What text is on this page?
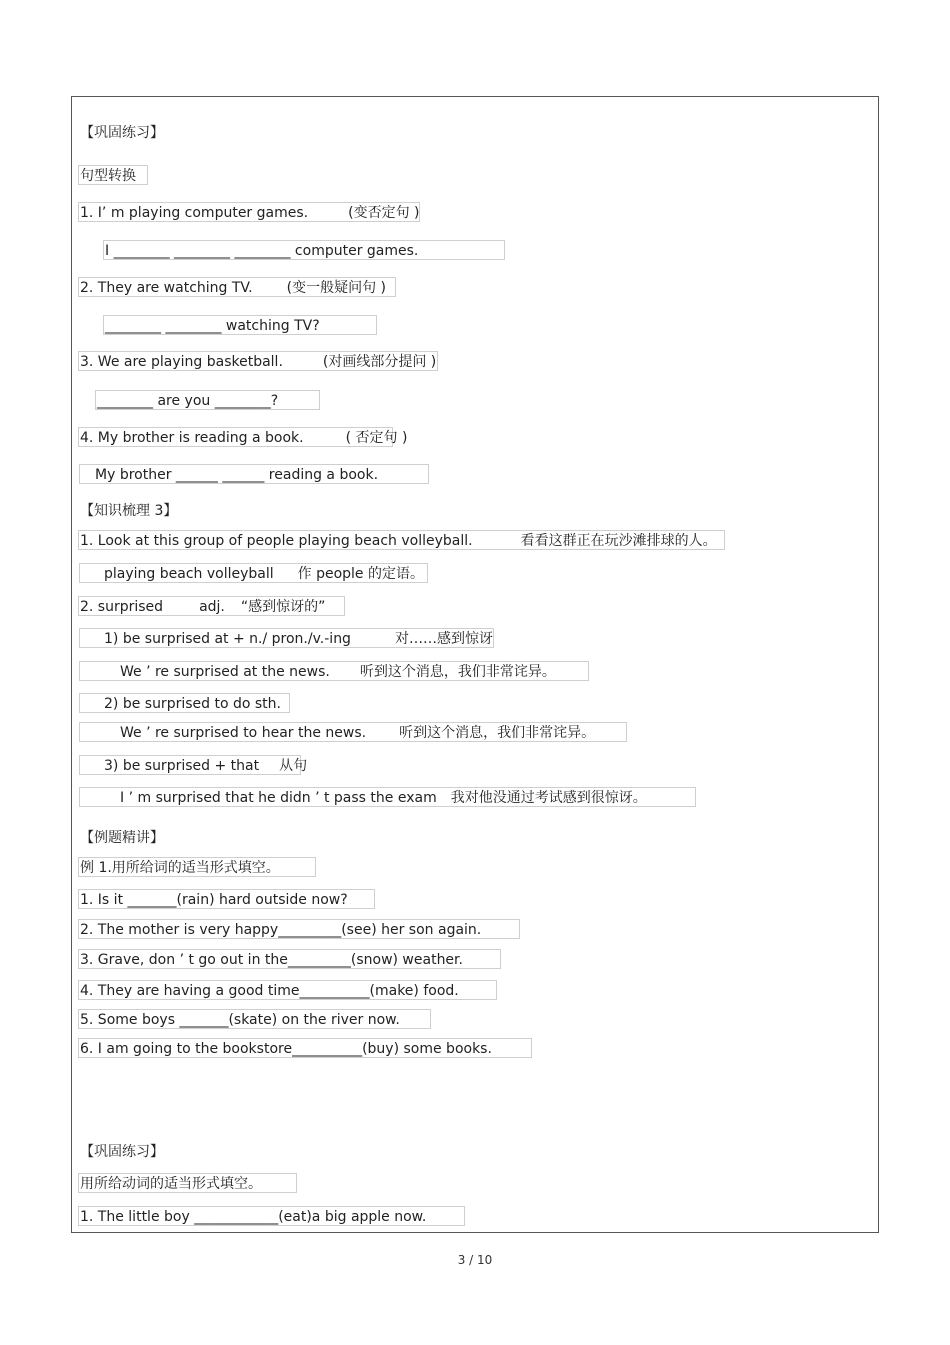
【巩固练习】
句型转换
1. I’ m playing computer games.	(变否定句 )
I ________ ________ ________ computer games.
2. They are watching TV. (变一般疑问句 )
________ ________ watching TV?
3. We are playing basketball.	(对画线部分提问 )
________ are you ________?
4. My brother is reading a book.	( 否定句 )
My brother ______ ______ reading a book.
【知识梳理 3】
1. Look at this group of people playing beach volleyball.	看看这群正在玩沙滩排球的人。
playing beach volleyball 作 people 的定语。
2. surprised	adj. “感到惊讶的”
1) be surprised at + n./ pron./v.-ing	对……感到惊讶
We ’ re surprised at the news. 听到这个消息，我们非常诧异。
2) be surprised to do sth.
We ’ re surprised to hear the news. 听到这个消息，我们非常诧异。
3) be surprised + that 从句
I ’ m surprised that he didn ’ t pass the exam 我对他没通过考试感到很惊讶。
【例题精讲】
例 1.用所给词的适当形式填空。
1. Is it _______(rain) hard outside now?
2. The mother is very happy_________(see) her son again.
3. Grave, don ’ t go out in the_________(snow) weather.
4. They are having a good time__________(make) food.
5. Some boys _______(skate) on the river now.
6. I am going to the bookstore__________(buy) some books.
【巩固练习】
用所给动词的适当形式填空。
1. The little boy ____________(eat)a big apple now.
3 / 10
